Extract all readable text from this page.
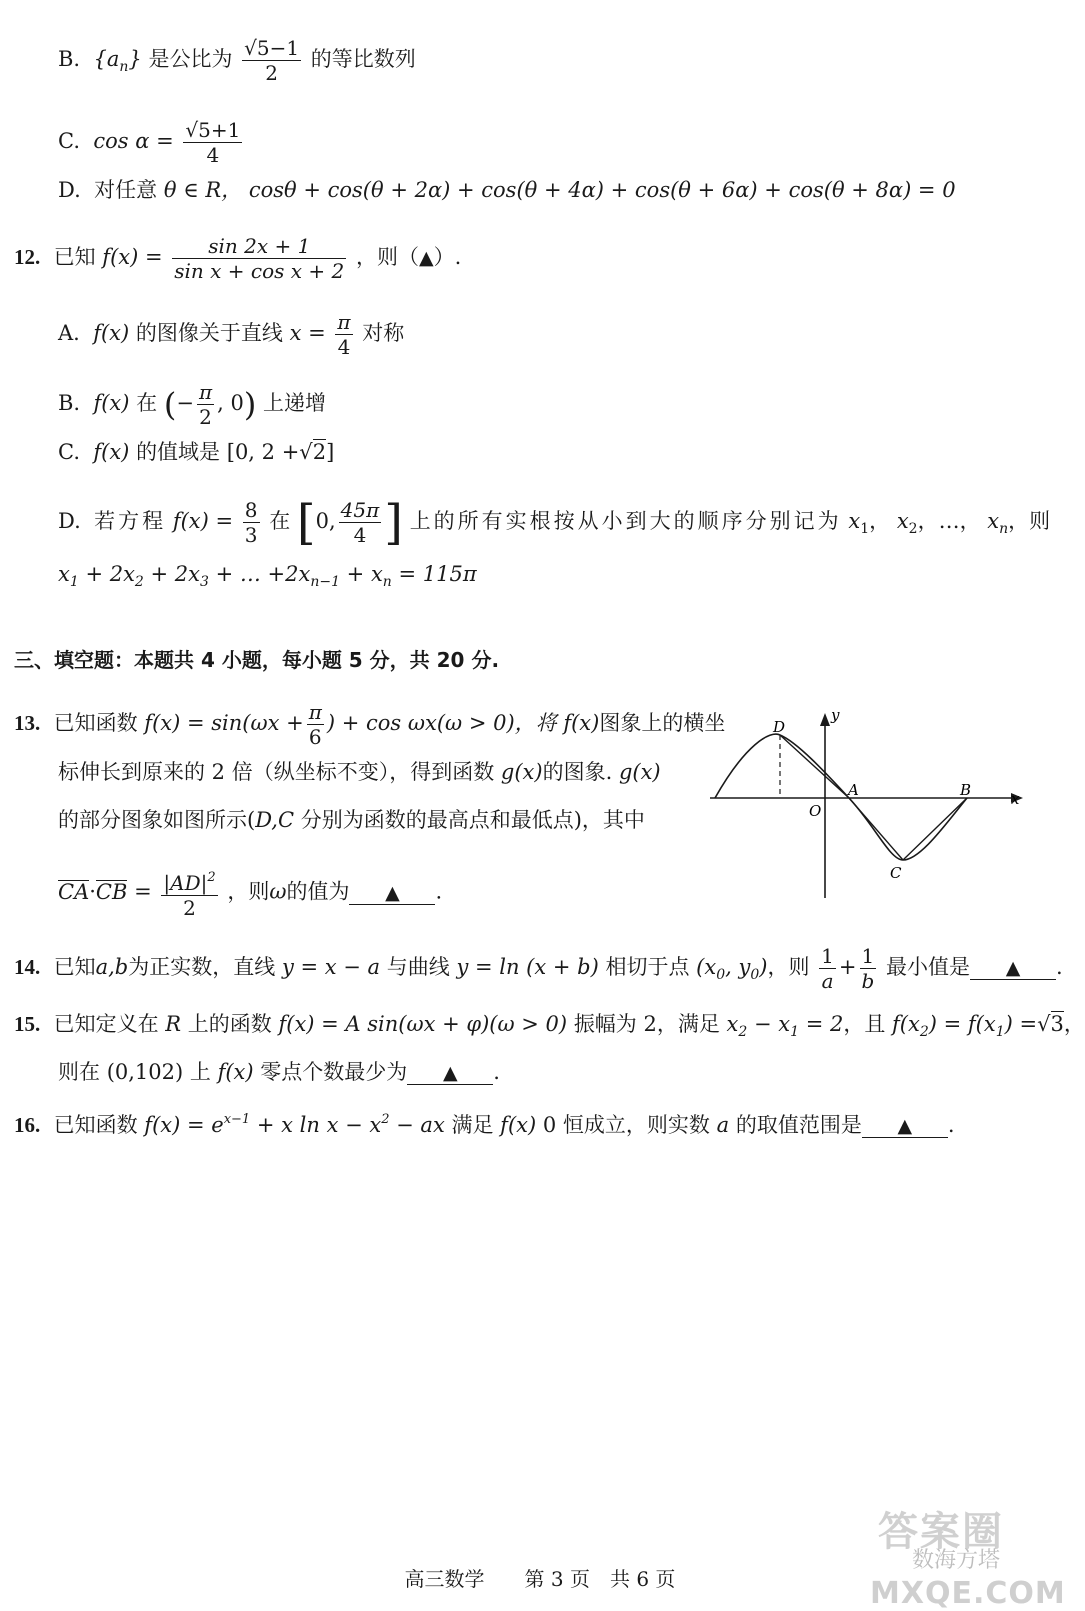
B. $\{a_n\}$ 是公比为 $\frac{√5-1}{2}$ 的等比数列
C. $\cos \alpha = \frac{√5+1}{4}$
D. 对任意 θ ∈ R， cosθ + cos(θ + 2α) + cos(θ + 4α) + cos(θ + 6α) + cos(θ + 8α) = 0
12. 已知 $f(x) = \frac{\sin 2x + 1}{\text{sin x + cos x + 2}}$ ，则（▲）.
A. f(x) 的图像关于直线 $x = \frac{\pi}{4}$ 对称
B. f(x) 在 (− $\frac{\pi}{2}$ , 0) 上递增
C. f(x) 的值域是 [0, 2 +√2]
D. 若方程 $f(x) = \frac{8}{3}$ 在 [0, $\frac{45\pi}{4}$ ] 上的所有实根按从小到大的顺序分别记为 $x_1$， $x_2$，…， $x_n$，则
$x_1 + 2x_2 + 2x_3$ + … $+2x_{n-1} + x_n = 115\pi$
三、填空题：本题共 4 小题，每小题 5 分，共 20 分.
13. 已知函数 $f(x) = \sin(\omega x + \frac{\pi}{6}$ ) + cos ωx(ω > 0)，将 f(x)图象上的横坐
标伸长到原来的 2 倍（纵坐标不变），得到函数 g(x)的图象. g(x)
的部分图象如图所示(D,C 分别为函数的最高点和最低点)，其中
$CA\cdot CB = \frac{|AD|^2}{2}$ ，则ω的值为 ▲ .
D
y
A	B	x
O
C
14. 已知a,b为正实数，直线 y = x − a 与曲线 y = ln (x + b) 相切于点 ($x_0$, $y_0$)，则 $\frac{1}{a} + \frac{1}{b}$ 最小值是 ▲ .
15. 已知定义在 R 上的函数 f(x) = A sin(ωx + φ)(ω > 0) 振幅为 2，满足 $x_2 - x_1 = 2$，且 $f(x_2) = f(x_1) =√3$，
则在 (0,102) 上 f(x) 零点个数最少为 ▲ .
16. 已知函数 $f(x) = e^{x-1} + x$ $\ln x - x^2$ − ax 满足 f(x) 0 恒成立，则实数 a 的取值范围是 ▲ .
高三数学　　第 3 页　共 6 页
答案圈
数海方塔
MXQE.COM
